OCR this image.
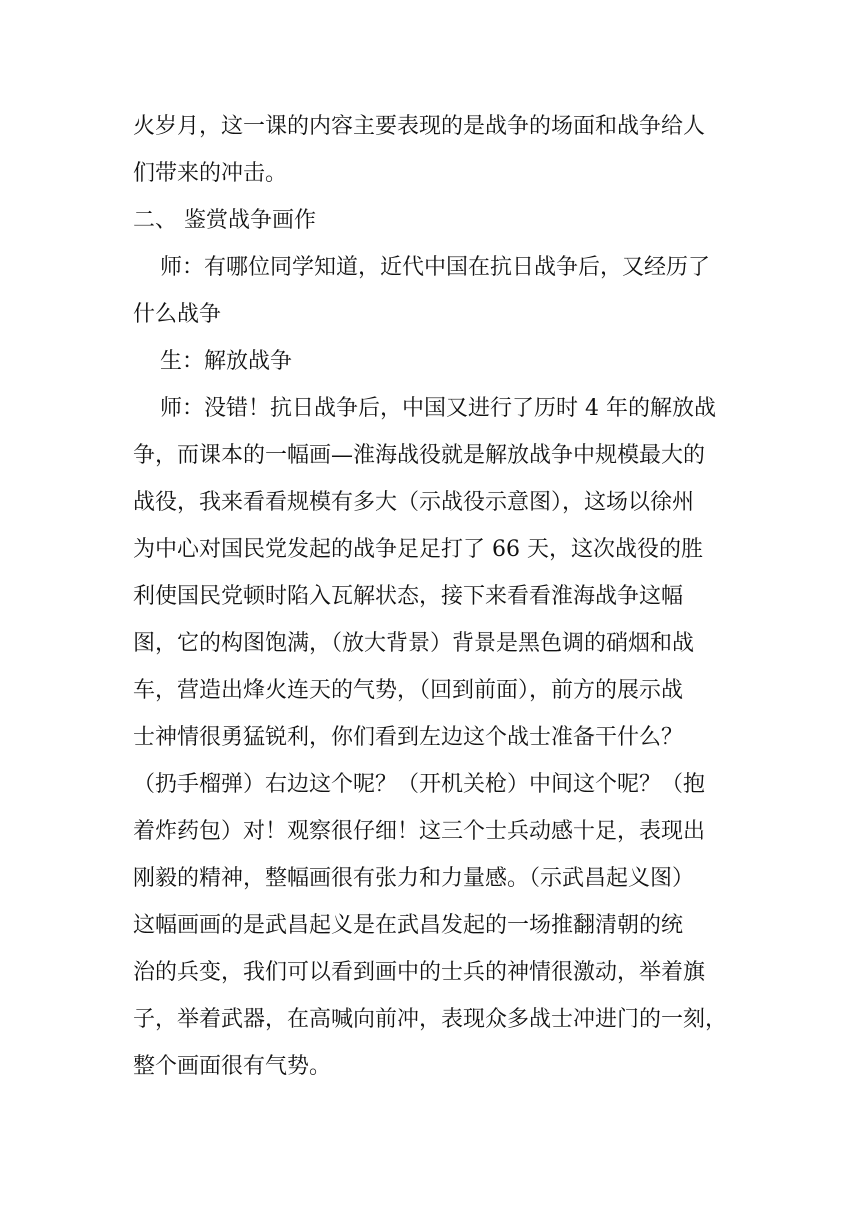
火岁月，这一课的内容主要表现的是战争的场面和战争给人
们带来的冲击。
二、 鉴赏战争画作
师：有哪位同学知道，近代中国在抗日战争后，又经历了
什么战争
生：解放战争
师：没错！抗日战争后，中国又进行了历时 4 年的解放战
争，而课本的一幅画—淮海战役就是解放战争中规模最大的
战役，我来看看规模有多大（示战役示意图），这场以徐州
为中心对国民党发起的战争足足打了 66 天，这次战役的胜
利使国民党顿时陷入瓦解状态，接下来看看淮海战争这幅
图，它的构图饱满，（放大背景）背景是黑色调的硝烟和战
车，营造出烽火连天的气势，（回到前面），前方的展示战
士神情很勇猛锐利，你们看到左边这个战士准备干什么？
（扔手榴弹）右边这个呢？（开机关枪）中间这个呢？（抱
着炸药包）对！观察很仔细！这三个士兵动感十足，表现出
刚毅的精神，整幅画很有张力和力量感。（示武昌起义图）
这幅画画的是武昌起义是在武昌发起的一场推翻清朝的统
治的兵变，我们可以看到画中的士兵的神情很激动，举着旗
子，举着武器，在高喊向前冲，表现众多战士冲进门的一刻，
整个画面很有气势。
